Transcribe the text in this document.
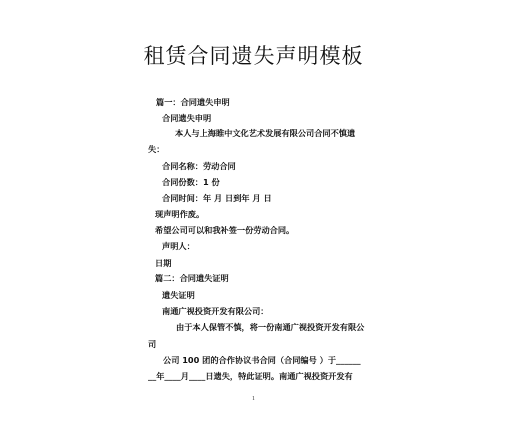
租赁合同遗失声明模板
篇一：合同遗失申明
合同遗失申明
本人与上海睢中文化艺术发展有限公司合同不慎遗
失：
合同名称：劳动合同
合同份数：1 份
合同时间：年 月 日到年 月 日
现声明作废。
希望公司可以和我补签一份劳动合同。
声明人：
日期
篇二：合同遗失证明
遗失证明
南通广视投资开发有限公司：
由于本人保管不慎，将一份南通广视投资开发有限公
司
公司 100 团的合作协议书合同（合同编号 ）于______
__年____月____日遗失，特此证明。南通广视投资开发有
1
